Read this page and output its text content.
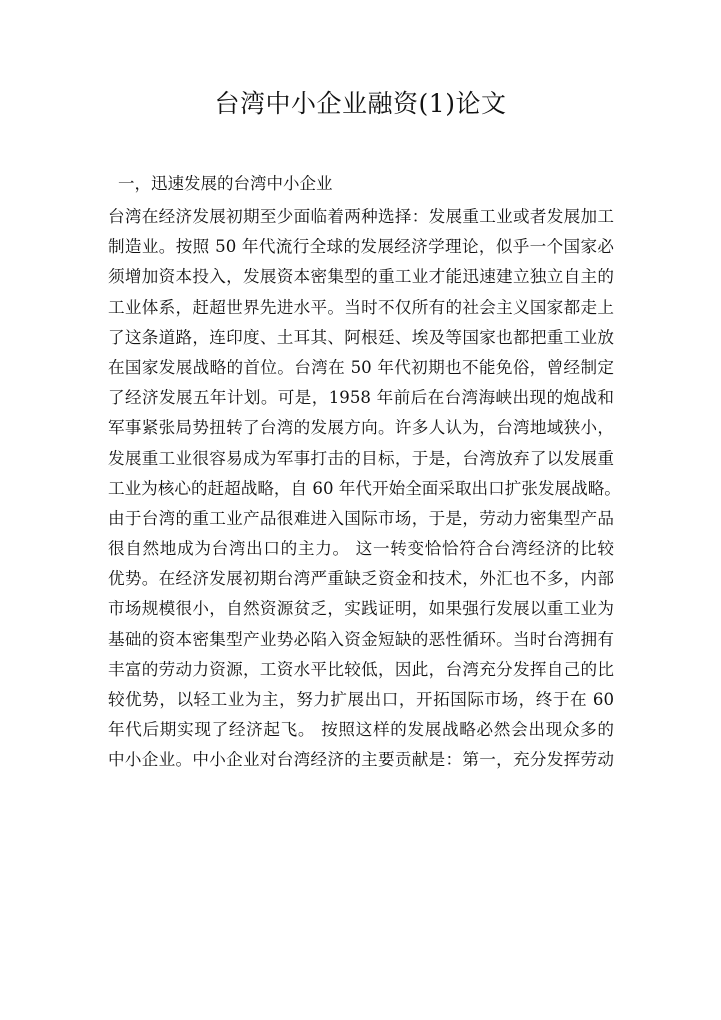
台湾中小企业融资(1)论文
一，迅速发展的台湾中小企业
台湾在经济发展初期至少面临着两种选择：发展重工业或者发展加工
制造业。按照 50 年代流行全球的发展经济学理论，似乎一个国家必
须增加资本投入，发展资本密集型的重工业才能迅速建立独立自主的
工业体系，赶超世界先进水平。当时不仅所有的社会主义国家都走上
了这条道路，连印度、土耳其、阿根廷、埃及等国家也都把重工业放
在国家发展战略的首位。台湾在 50 年代初期也不能免俗，曾经制定
了经济发展五年计划。可是，1958 年前后在台湾海峡出现的炮战和
军事紧张局势扭转了台湾的发展方向。许多人认为，台湾地域狭小，
发展重工业很容易成为军事打击的目标，于是，台湾放弃了以发展重
工业为核心的赶超战略，自 60 年代开始全面采取出口扩张发展战略。
由于台湾的重工业产品很难进入国际市场，于是，劳动力密集型产品
很自然地成为台湾出口的主力。 这一转变恰恰符合台湾经济的比较
优势。在经济发展初期台湾严重缺乏资金和技术，外汇也不多，内部
市场规模很小，自然资源贫乏，实践证明，如果强行发展以重工业为
基础的资本密集型产业势必陷入资金短缺的恶性循环。当时台湾拥有
丰富的劳动力资源，工资水平比较低，因此，台湾充分发挥自己的比
较优势，以轻工业为主，努力扩展出口，开拓国际市场，终于在 60
年代后期实现了经济起飞。 按照这样的发展战略必然会出现众多的
中小企业。中小企业对台湾经济的主要贡献是：第一，充分发挥劳动
